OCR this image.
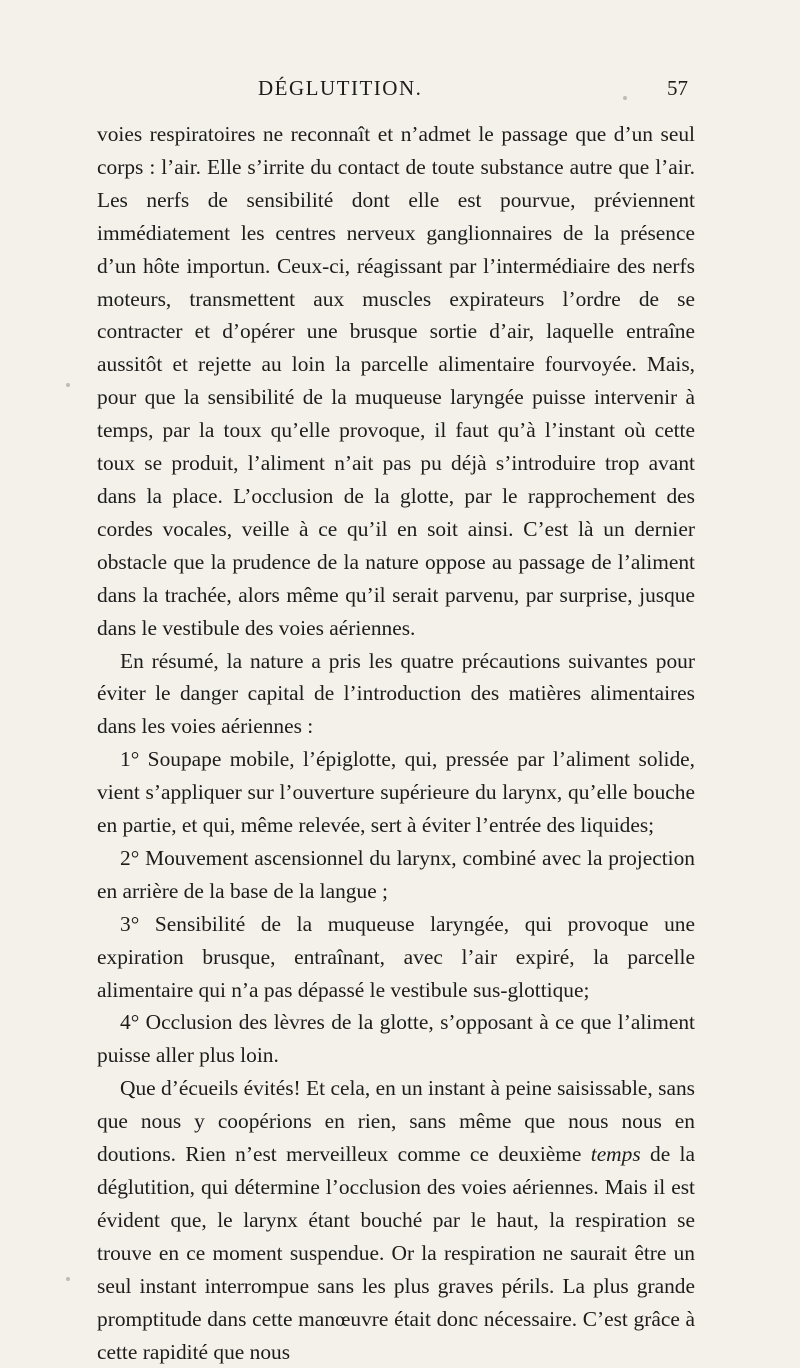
DÉGLUTITION.	57

voies respiratoires ne reconnaît et n’admet le passage que d’un seul corps : l’air. Elle s’irrite du contact de toute substance autre que l’air. Les nerfs de sensibilité dont elle est pourvue, préviennent immédiatement les centres nerveux ganglionnaires de la présence d’un hôte importun. Ceux-ci, réagissant par l’intermédiaire des nerfs moteurs, transmettent aux muscles expirateurs l’ordre de se contracter et d’opérer une brusque sortie d’air, laquelle entraîne aussitôt et rejette au loin la parcelle alimentaire fourvoyée. Mais, pour que la sensibilité de la muqueuse laryngée puisse intervenir à temps, par la toux qu’elle provoque, il faut qu’à l’instant où cette toux se produit, l’aliment n’ait pas pu déjà s’introduire trop avant dans la place. L’occlusion de la glotte, par le rapprochement des cordes vocales, veille à ce qu’il en soit ainsi. C’est là un dernier obstacle que la prudence de la nature oppose au passage de l’aliment dans la trachée, alors même qu’il serait parvenu, par surprise, jusque dans le vestibule des voies aériennes.

En résumé, la nature a pris les quatre précautions suivantes pour éviter le danger capital de l’introduction des matières alimentaires dans les voies aériennes :

1° Soupape mobile, l’épiglotte, qui, pressée par l’aliment solide, vient s’appliquer sur l’ouverture supérieure du larynx, qu’elle bouche en partie, et qui, même relevée, sert à éviter l’entrée des liquides;

2° Mouvement ascensionnel du larynx, combiné avec la projection en arrière de la base de la langue ;

3° Sensibilité de la muqueuse laryngée, qui provoque une expiration brusque, entraînant, avec l’air expiré, la parcelle alimentaire qui n’a pas dépassé le vestibule sus-glottique;

4° Occlusion des lèvres de la glotte, s’opposant à ce que l’aliment puisse aller plus loin.

Que d’écueils évités! Et cela, en un instant à peine saisissable, sans que nous y coopérions en rien, sans même que nous nous en doutions. Rien n’est merveilleux comme ce deuxième temps de la déglutition, qui détermine l’occlusion des voies aériennes. Mais il est évident que, le larynx étant bouché par le haut, la respiration se trouve en ce moment suspendue. Or la respiration ne saurait être un seul instant interrompue sans les plus graves périls. La plus grande promptitude dans cette manœuvre était donc nécessaire. C’est grâce à cette rapidité que nous
